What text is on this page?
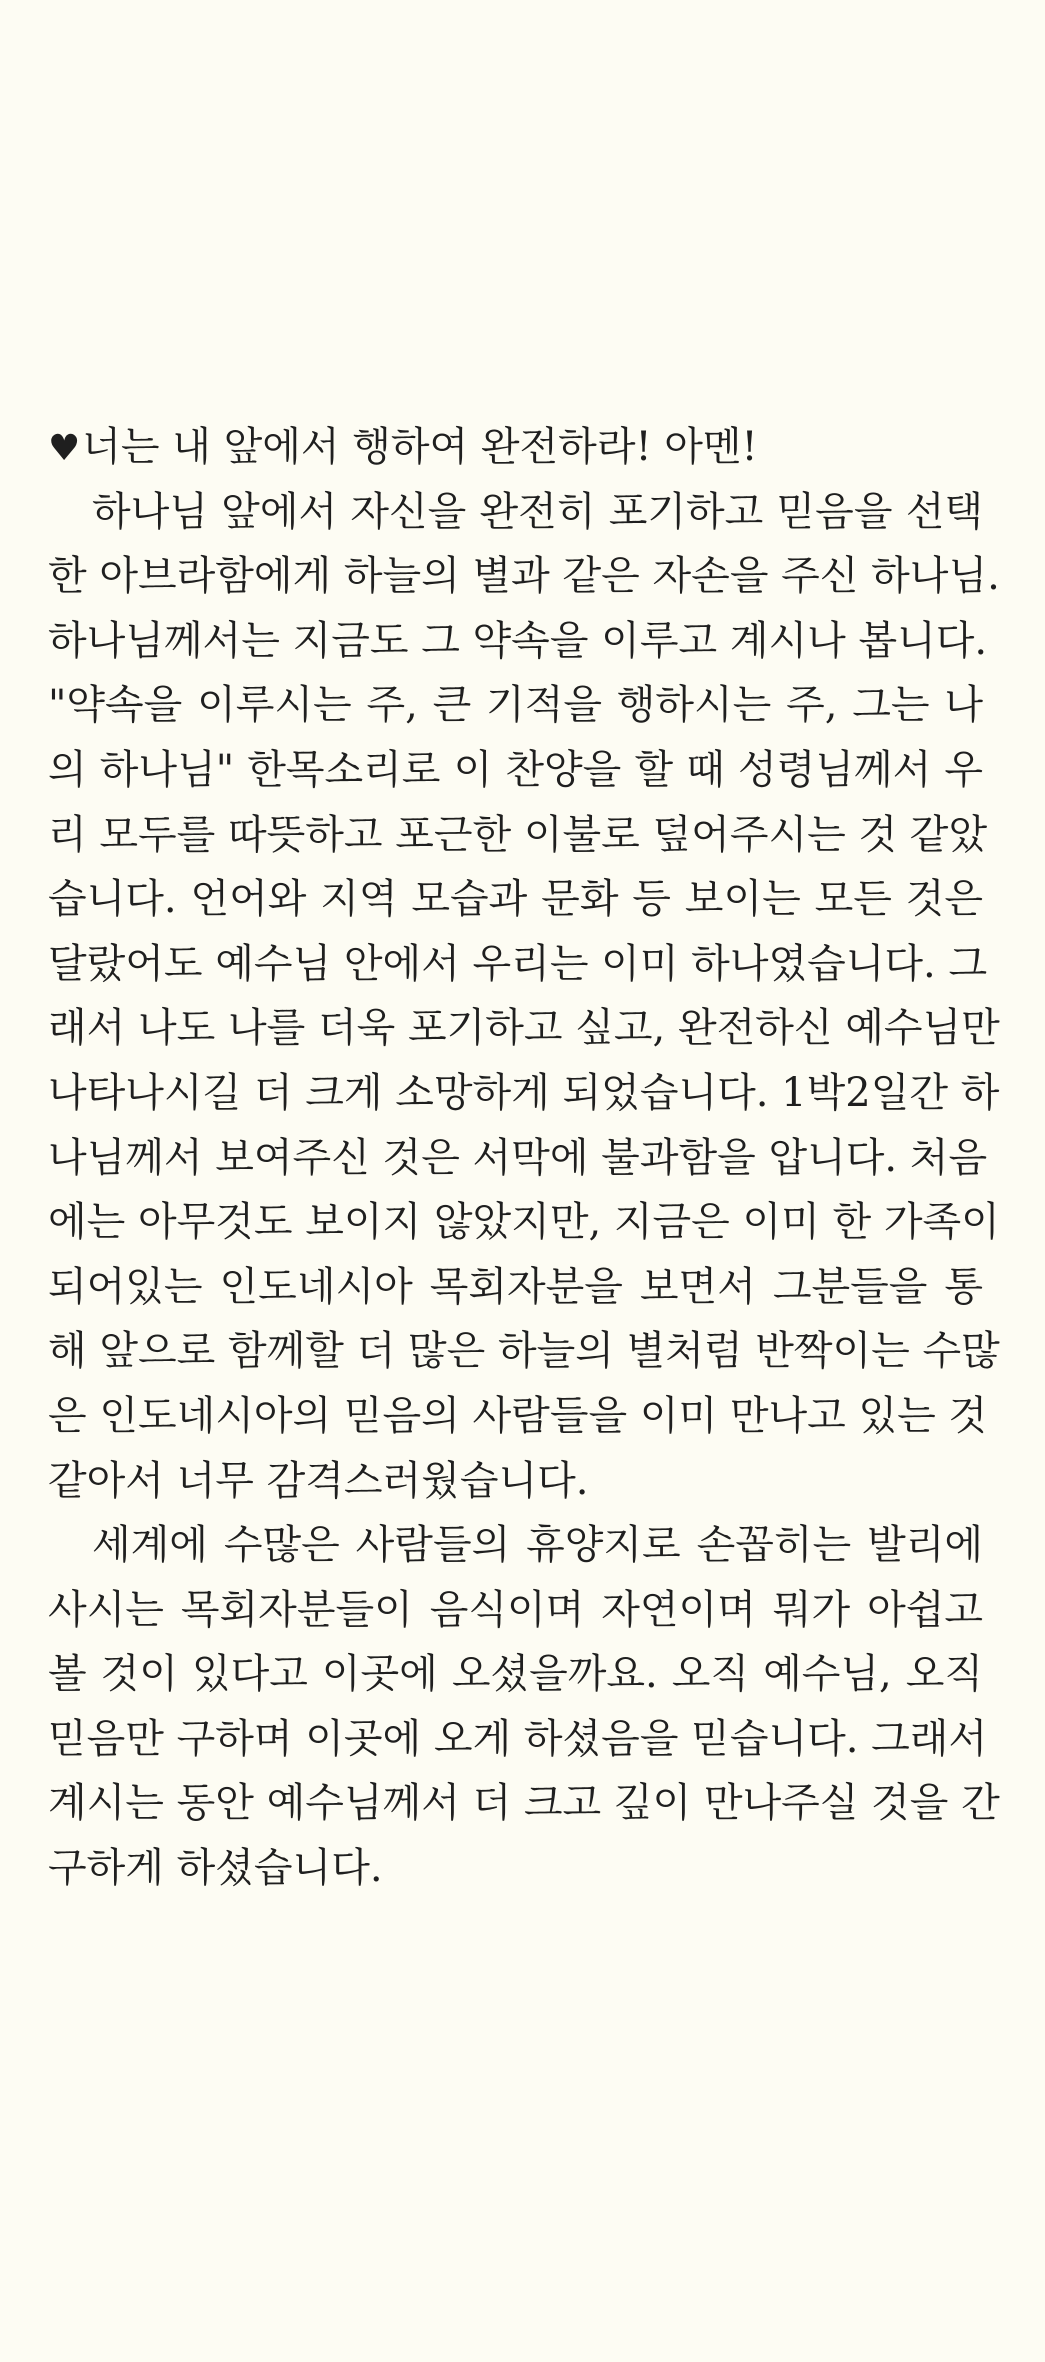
♥너는 내 앞에서 행하여 완전하라! 아멘!
하나님 앞에서 자신을 완전히 포기하고 믿음을 선택
한 아브라함에게 하늘의 별과 같은 자손을 주신 하나님.
하나님께서는 지금도 그 약속을 이루고 계시나 봅니다.
"약속을 이루시는 주, 큰 기적을 행하시는 주, 그는 나
의 하나님" 한목소리로 이 찬양을 할 때 성령님께서 우
리 모두를 따뜻하고 포근한 이불로 덮어주시는 것 같았
습니다. 언어와 지역 모습과 문화 등 보이는 모든 것은
달랐어도 예수님 안에서 우리는 이미 하나였습니다. 그
래서 나도 나를 더욱 포기하고 싶고, 완전하신 예수님만
나타나시길 더 크게 소망하게 되었습니다. 1박2일간 하
나님께서 보여주신 것은 서막에 불과함을 압니다. 처음
에는 아무것도 보이지 않았지만, 지금은 이미 한 가족이
되어있는 인도네시아 목회자분을 보면서 그분들을 통
해 앞으로 함께할 더 많은 하늘의 별처럼 반짝이는 수많
은 인도네시아의 믿음의 사람들을 이미 만나고 있는 것
같아서 너무 감격스러웠습니다.
세계에 수많은 사람들의 휴양지로 손꼽히는 발리에
사시는 목회자분들이 음식이며 자연이며 뭐가 아쉽고
볼 것이 있다고 이곳에 오셨을까요. 오직 예수님, 오직
믿음만 구하며 이곳에 오게 하셨음을 믿습니다. 그래서
계시는 동안 예수님께서 더 크고 깊이 만나주실 것을 간
구하게 하셨습니다.
